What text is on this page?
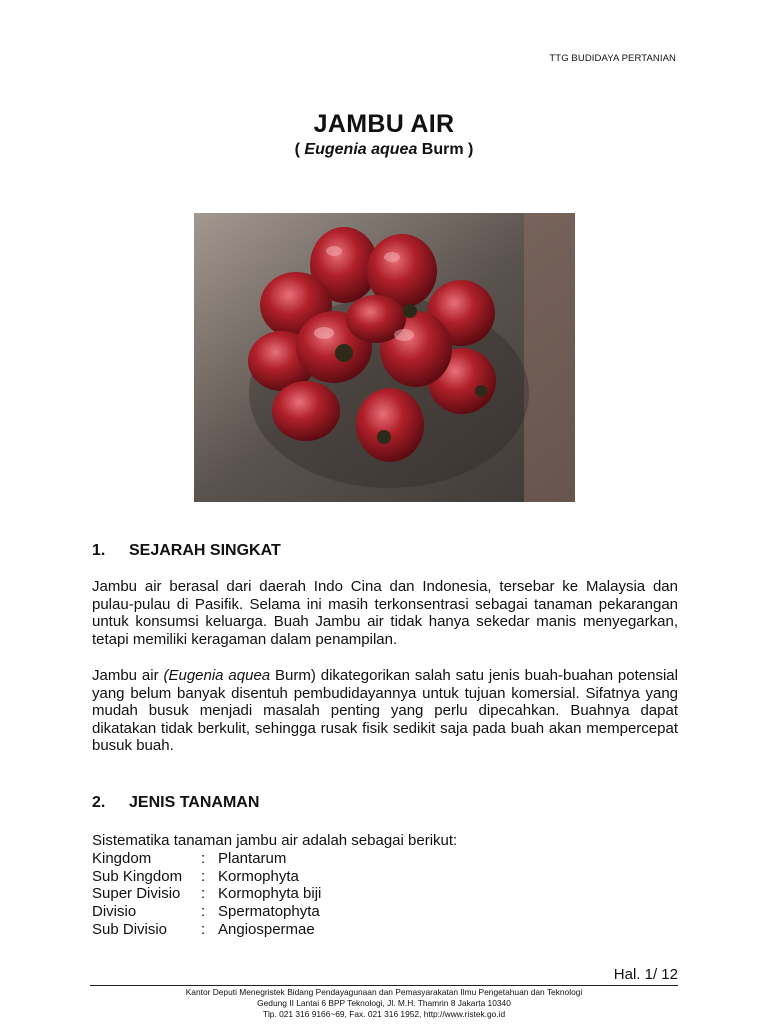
TTG BUDIDAYA PERTANIAN
JAMBU AIR
( Eugenia aquea Burm )
1. SEJARAH SINGKAT
Jambu air berasal dari daerah Indo Cina dan Indonesia, tersebar ke Malaysia dan pulau-pulau di Pasifik. Selama ini masih terkonsentrasi sebagai tanaman pekarangan untuk konsumsi keluarga. Buah Jambu air tidak hanya sekedar manis menyegarkan, tetapi memiliki keragaman dalam penampilan.
Jambu air (Eugenia aquea Burm) dikategorikan salah satu jenis buah-buahan potensial yang belum banyak disentuh pembudidayannya untuk tujuan komersial. Sifatnya yang mudah busuk menjadi masalah penting yang perlu dipecahkan. Buahnya dapat dikatakan tidak berkulit, sehingga rusak fisik sedikit saja pada buah akan mempercepat busuk buah.
2. JENIS TANAMAN
Sistematika tanaman jambu air adalah sebagai berikut:
Kingdom	: Plantarum
Sub Kingdom	: Kormophyta
Super Divisio	: Kormophyta biji
Divisio	: Spermatophyta
Sub Divisio	: Angiospermae
Hal. 1/ 12
Kantor Deputi Menegristek Bidang Pendayagunaan dan Pemasyarakatan Ilmu Pengetahuan dan Teknologi
Gedung II Lantai 6 BPP Teknologi, Jl. M.H. Thamrin 8 Jakarta 10340
Tlp. 021 316 9166~69, Fax. 021 316 1952, http://www.ristek.go.id
